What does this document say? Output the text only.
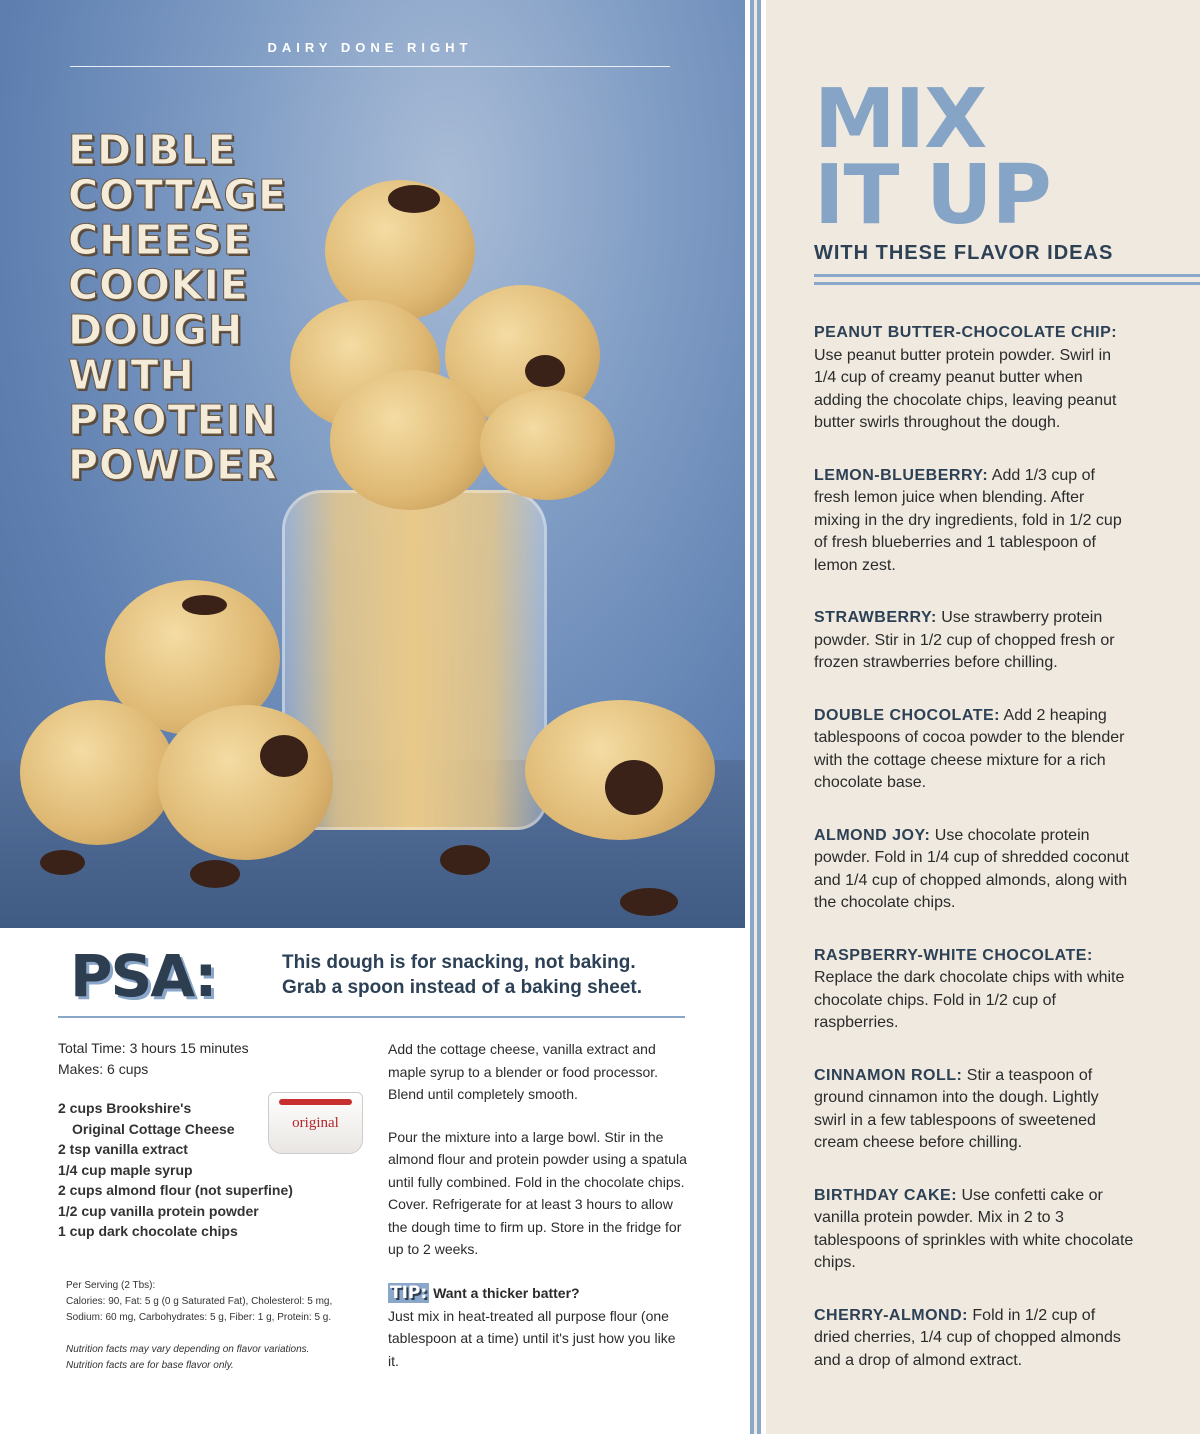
DAIRY DONE RIGHT
EDIBLE
COTTAGE
CHEESE
COOKIE
DOUGH
WITH
PROTEIN
POWDER
PSA:	This dough is for snacking, not baking.
Grab a spoon instead of a baking sheet.
Total Time: 3 hours 15 minutes
Makes: 6 cups
2 cups Brookshire's
Original Cottage Cheese
2 tsp vanilla extract
1/4 cup maple syrup
2 cups almond flour (not superfine)
1/2 cup vanilla protein powder
1 cup dark chocolate chips
original
Per Serving (2 Tbs):
Calories: 90, Fat: 5 g (0 g Saturated Fat), Cholesterol: 5 mg,
Sodium: 60 mg, Carbohydrates: 5 g, Fiber: 1 g, Protein: 5 g.
Nutrition facts may vary depending on flavor variations.
Nutrition facts are for base flavor only.

Add the cottage cheese, vanilla extract and maple syrup to a blender or food processor. Blend until completely smooth.

Pour the mixture into a large bowl. Stir in the almond flour and protein powder using a spatula until fully combined. Fold in the chocolate chips. Cover. Refrigerate for at least 3 hours to allow the dough time to firm up. Store in the fridge for up to 2 weeks.

TIP: Want a thicker batter?
Just mix in heat-treated all purpose flour (one tablespoon at a time) until it's just how you like it.
MIX
IT UP
WITH THESE FLAVOR IDEAS
PEANUT BUTTER-CHOCOLATE CHIP: Use peanut butter protein powder. Swirl in 1/4 cup of creamy peanut butter when adding the chocolate chips, leaving peanut butter swirls throughout the dough.
LEMON-BLUEBERRY: Add 1/3 cup of fresh lemon juice when blending. After mixing in the dry ingredients, fold in 1/2 cup of fresh blueberries and 1 tablespoon of lemon zest.
STRAWBERRY: Use strawberry protein powder. Stir in 1/2 cup of chopped fresh or frozen strawberries before chilling.
DOUBLE CHOCOLATE: Add 2 heaping tablespoons of cocoa powder to the blender with the cottage cheese mixture for a rich chocolate base.
ALMOND JOY: Use chocolate protein powder. Fold in 1/4 cup of shredded coconut and 1/4 cup of chopped almonds, along with the chocolate chips.
RASPBERRY-WHITE CHOCOLATE: Replace the dark chocolate chips with white chocolate chips. Fold in 1/2 cup of raspberries.
CINNAMON ROLL: Stir a teaspoon of ground cinnamon into the dough. Lightly swirl in a few tablespoons of sweetened cream cheese before chilling.
BIRTHDAY CAKE: Use confetti cake or vanilla protein powder. Mix in 2 to 3 tablespoons of sprinkles with white chocolate chips.
CHERRY-ALMOND: Fold in 1/2 cup of dried cherries, 1/4 cup of chopped almonds and a drop of almond extract.
